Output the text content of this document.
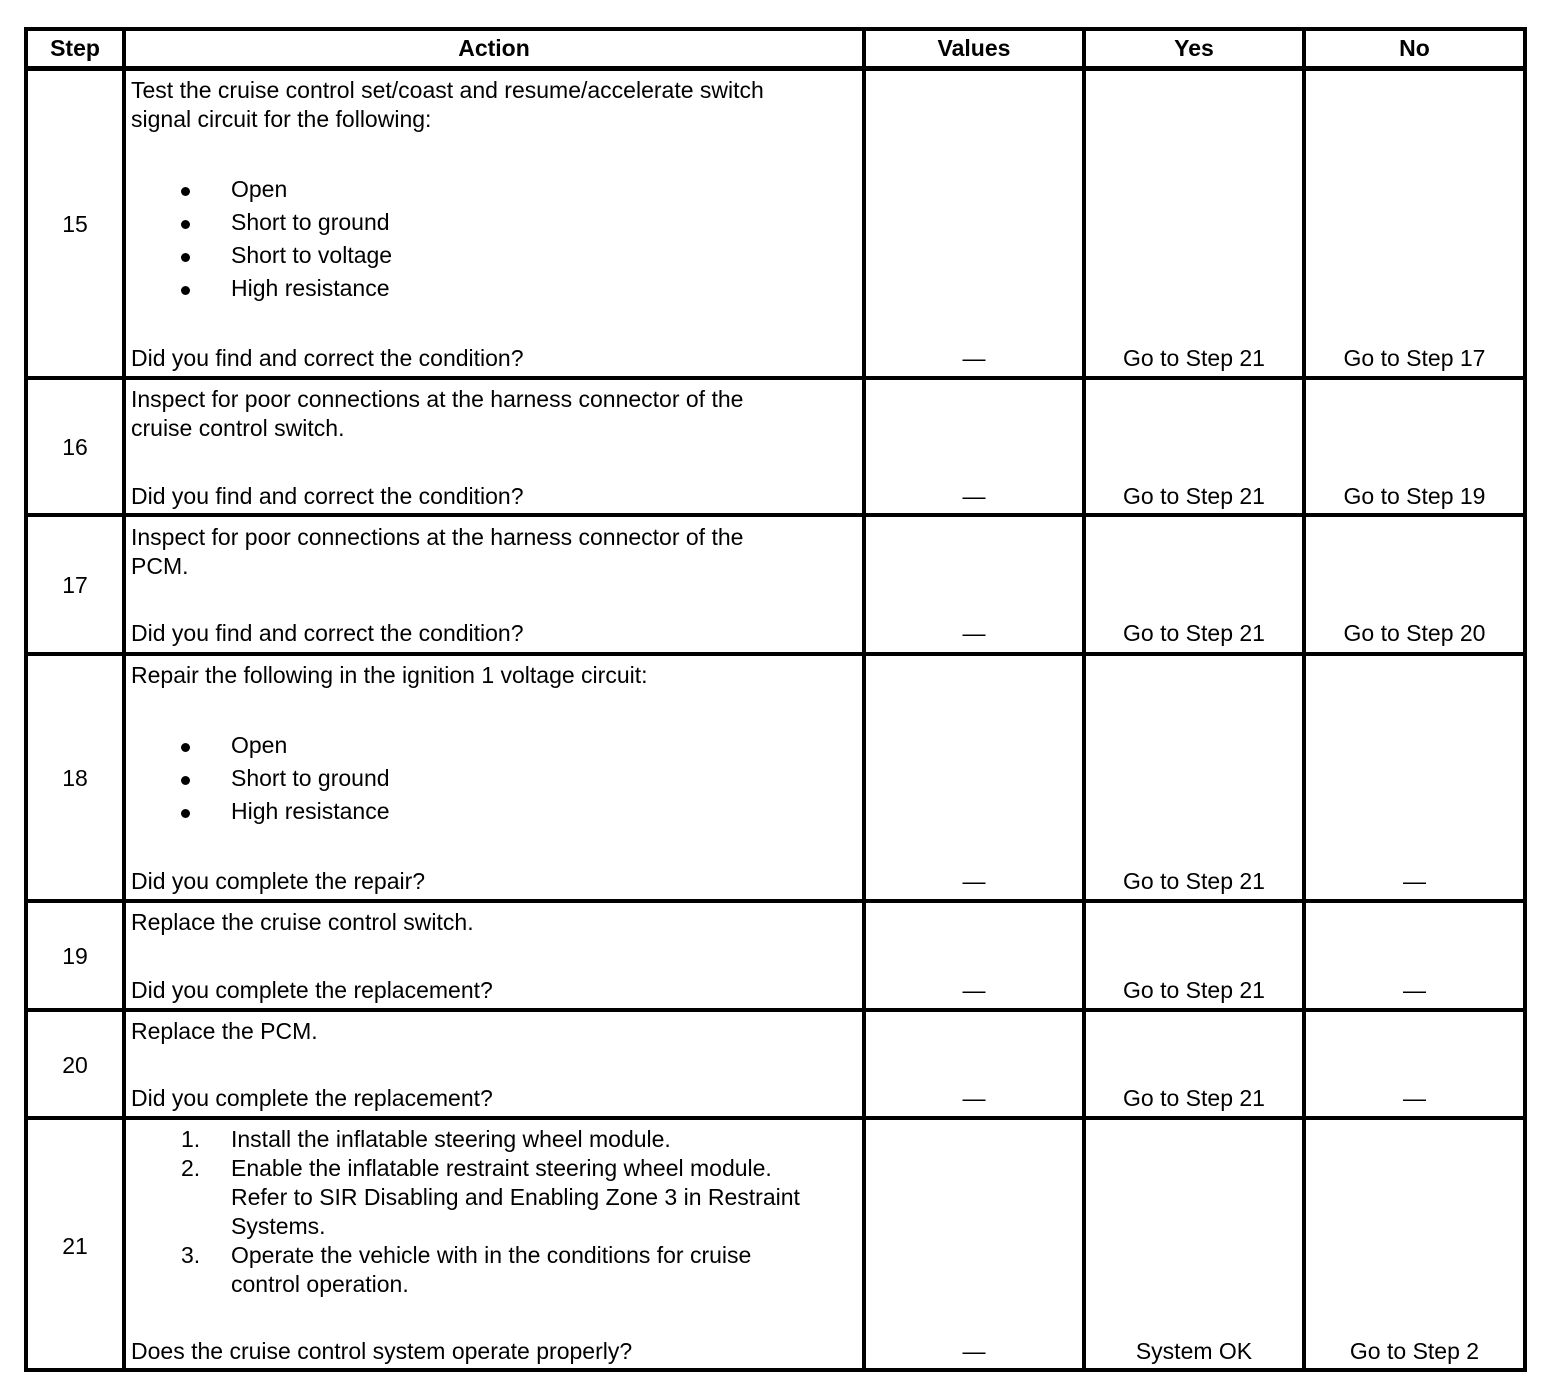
Step	Action	Values	Yes	No
15
Test the cruise control set/coast and resume/accelerate switch
signal circuit for the following:
Open
Short to ground
Short to voltage
High resistance
Did you find and correct the condition?	—	Go to Step 21	Go to Step 17
16
Inspect for poor connections at the harness connector of the
cruise control switch.
Did you find and correct the condition?	—	Go to Step 21	Go to Step 19
17
Inspect for poor connections at the harness connector of the
PCM.
Did you find and correct the condition?	—	Go to Step 21	Go to Step 20
18
Repair the following in the ignition 1 voltage circuit:
Open
Short to ground
High resistance
Did you complete the repair?	—	Go to Step 21	—
19
Replace the cruise control switch.
Did you complete the replacement?	—	Go to Step 21	—
20
Replace the PCM.
Did you complete the replacement?	—	Go to Step 21	—
21
1. Install the inflatable steering wheel module.
2. Enable the inflatable restraint steering wheel module.
Refer to SIR Disabling and Enabling Zone 3 in Restraint
Systems.
3. Operate the vehicle with in the conditions for cruise
control operation.
Does the cruise control system operate properly?	—	System OK	Go to Step 2
